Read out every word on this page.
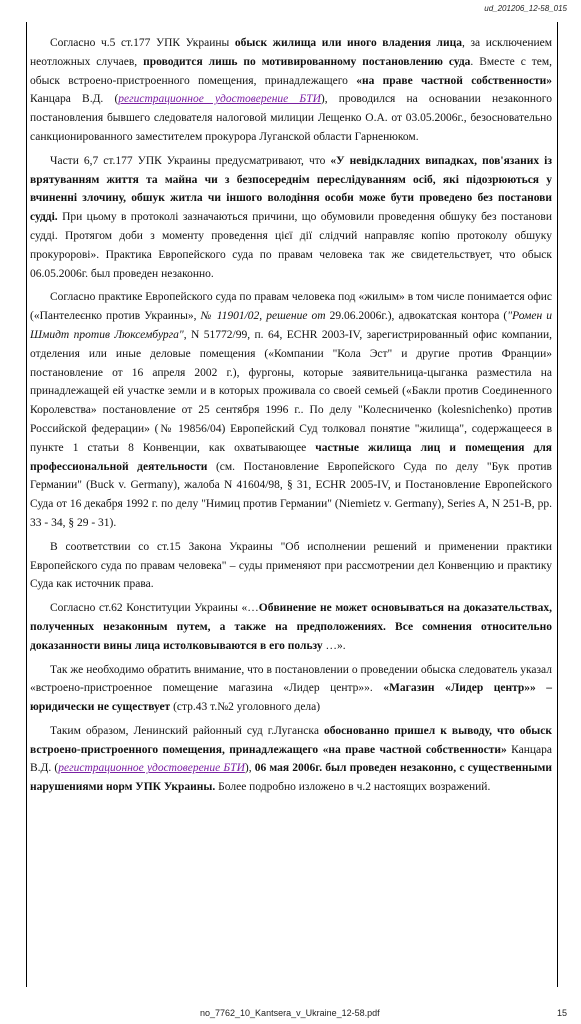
ud_201206_12-58_015

Согласно ч.5 ст.177 УПК Украины обыск жилища или иного владения лица, за исключением неотложных случаев, проводится лишь по мотивированному постановлению суда. Вместе с тем, обыск встроено-пристроенного помещения, принадлежащего «на праве частной собственности» Канцара В.Д. (регистрационное удостоверение БТИ), проводился на основании незаконного постановления бывшего следователя налоговой милиции Лещенко О.А. от 03.05.2006г., безосновательно санкционированного заместителем прокурора Луганской области Гарненюком.

Части 6,7 ст.177 УПК Украины предусматривают, что «У невідкладних випадках, пов'язаних із врятуванням життя та майна чи з безпосереднім переслідуванням осіб, які підозрюються у вчиненні злочину, обшук житла чи іншого володіння особи може бути проведено без постанови судді. При цьому в протоколі зазначаються причини, що обумовили проведення обшуку без постанови судді. Протягом доби з моменту проведення цієї дії слідчий направляє копію протоколу обшуку прокуророві». Практика Европейского суда по правам человека так же свидетельствует, что обыск 06.05.2006г. был проведен незаконно.

Согласно практике Европейского суда по правам человека под «жилым» в том числе понимается офис («Пантелеєнко против Украины», № 11901/02, решение от 29.06.2006г.), адвокатская контора ("Ромен и Шмидт против Люксембурга", N 51772/99, п. 64, ECHR 2003-IV, зарегистрированный офис компании, отделения или иные деловые помещения («Компании "Кола Эст" и другие против Франции» постановление от 16 апреля 2002 г.), фургоны, которые заявительница-цыганка разместила на принадлежащей ей участке земли и в которых проживала со своей семьей («Бакли против Соединенного Королевства» постановление от 25 сентября 1996 г.. По делу "Колесниченко (kolesnichenko) против Российской федерации» (№ 19856/04) Европейский Суд толковал понятие "жилища", содержащееся в пункте 1 статьи 8 Конвенции, как охватывающее частные жилища лиц и помещения для профессиональной деятельности (см. Постановление Европейского Суда по делу "Бук против Германии" (Buck v. Germany), жалоба N 41604/98, § 31, ECHR 2005-IV, и Постановление Европейского Суда от 16 декабря 1992 г. по делу "Нимиц против Германии" (Niemietz v. Germany), Series A, N 251-B, pp. 33 - 34, § 29 - 31).

В соответствии со ст.15 Закона Украины "Об исполнении решений и применении практики Европейского суда по правам человека" – суды применяют при рассмотрении дел Конвенцию и практику Суда как источник права.

Согласно ст.62 Конституции Украины «…Обвинение не может основываться на доказательствах, полученных незаконным путем, а также на предположениях. Все сомнения относительно доказанности вины лица истолковываются в его пользу …».

Так же необходимо обратить внимание, что в постановлении о проведении обыска следователь указал «встроено-пристроенное помещение магазина «Лидер центр»». «Магазин «Лидер центр»» – юридически не существует (стр.43 т.№2 уголовного дела)

Таким образом, Ленинский районный суд г.Луганска обоснованно пришел к выводу, что обыск встроено-пристроенного помещения, принадлежащего «на праве частной собственности» Канцара В.Д. (регистрационное удостоверение БТИ), 06 мая 2006г. был проведен незаконно, с существенными нарушениями норм УПК Украины. Более подробно изложено в ч.2 настоящих возражений.

no_7762_10_Kantsera_v_Ukraine_12-58.pdf	15
